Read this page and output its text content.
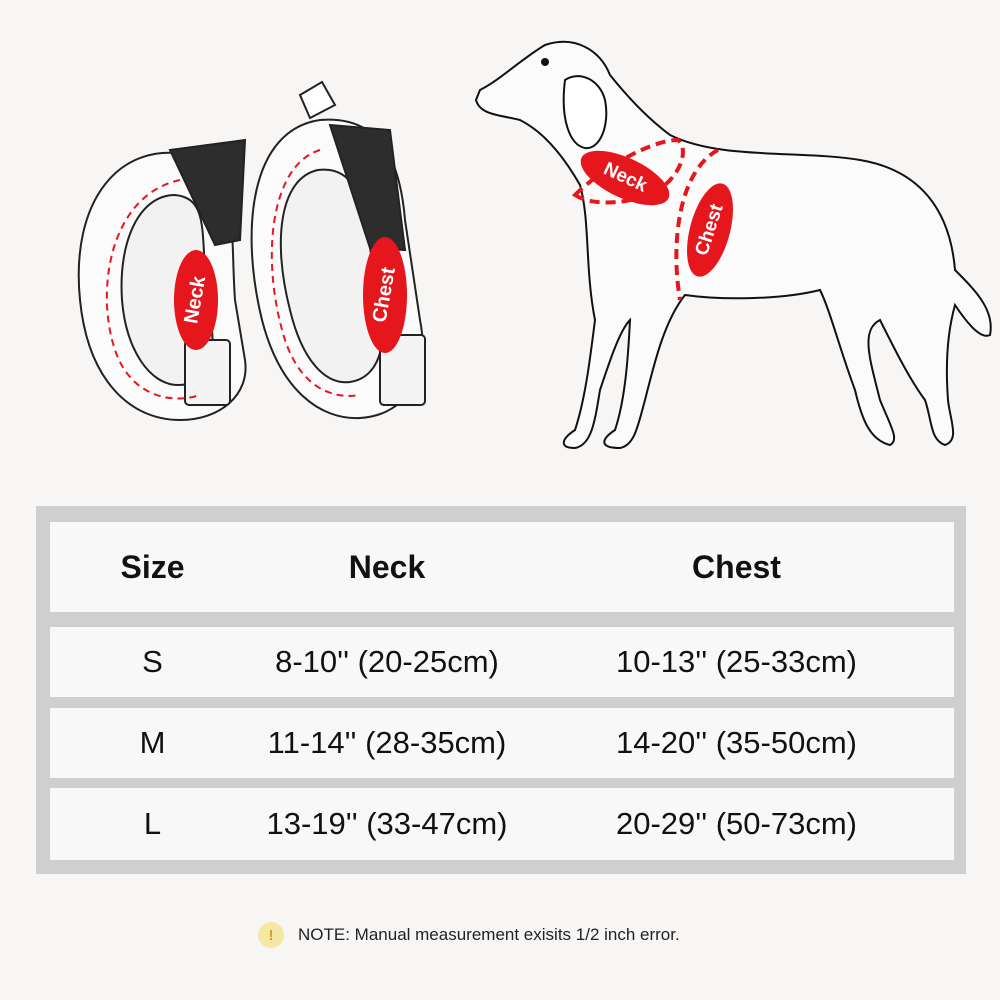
Neck	Chest
Neck
Chest
Size	Neck	Chest
S	8-10'' (20-25cm)	10-13'' (25-33cm)
M	11-14'' (28-35cm)	14-20'' (35-50cm)
L	13-19'' (33-47cm)	20-29'' (50-73cm)
!	NOTE: Manual measurement exisits 1/2 inch error.
